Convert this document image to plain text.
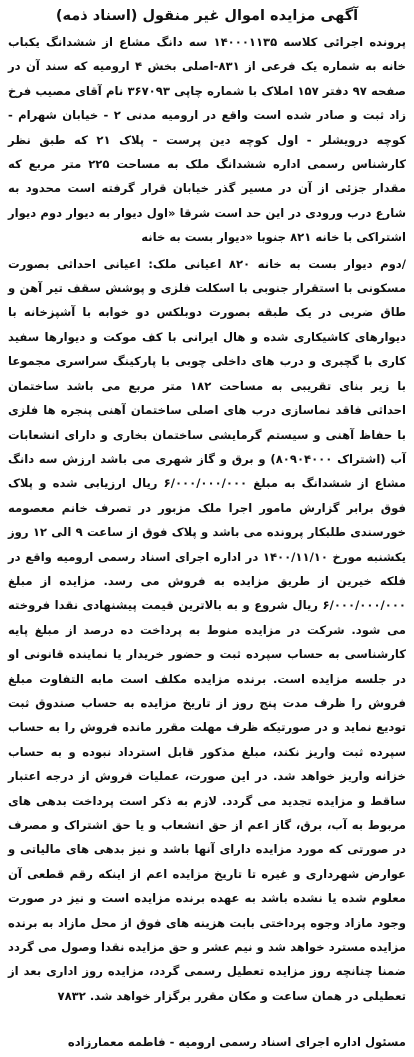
آگهی مزایده اموال غیر منقول (اسناد ذمه)

پرونده اجرائی کلاسه ۱۴۰۰۰۱۱۳۵ سه دانگ مشاع از ششدانگ یکباب خانه به شماره یک فرعی از ۸۳۱-اصلی بخش ۴ ارومیه که سند آن در صفحه ۹۷ دفتر ۱۵۷ املاک با شماره چاپی ۳۶۷۰۹۳ نام آقای مصیب فرخ زاد ثبت و صادر شده است واقع در ارومیه مدنی ۲ - خیابان شهرام - کوچه درویشلر - اول کوچه دین پرست - پلاک ۲۱ که طبق نظر کارشناس رسمی اداره ششدانگ ملک به مساحت ۲۲۵ متر مربع که مقدار جزئی از آن در مسیر گذر خیابان قرار گرفته است محدود به شارع درب ورودی در این حد است شرقا «اول دیوار به دیوار دوم دیوار اشتراکی با خانه ۸۲۱ جنوبا «دیوار بست به خانه

/دوم دیوار بست به خانه ۸۲۰ اعیانی ملک: اعیانی احداثی بصورت مسکونی با استقرار جنوبی با اسکلت فلزی و پوشش سقف تیر آهن و طاق ضربی در یک طبقه بصورت دوبلکس دو خوابه با آشپزخانه با دیوارهای کاشیکاری شده و هال ایرانی با کف موکت و دیوارها سفید کاری با گچبری و درب های داخلی چوبی با پارکینگ سراسری مجموعا با زیر بنای تقریبی به مساحت ۱۸۲ متر مربع می باشد ساختمان احداثی فاقد نماسازی درب های اصلی ساختمان آهنی پنجره ها فلزی با حفاظ آهنی و سیستم گرمایشی ساختمان بخاری و دارای انشعابات آب (اشتراک ۸۰۹۰۴۰۰۰) و برق و گاز شهری می باشد ارزش سه دانگ مشاع از ششدانگ به مبلغ ۶/۰۰۰/۰۰۰/۰۰۰ ریال ارزیابی شده و پلاک فوق برابر گزارش مامور اجرا ملک مزبور در تصرف خانم معصومه خورسندی طلبکار پرونده می باشد و پلاک فوق از ساعت ۹ الی ۱۲ روز یکشنبه مورخ ۱۴۰۰/۱۱/۱۰ در اداره اجرای اسناد رسمی ارومیه واقع در فلکه خیرین از طریق مزایده به فروش می رسد. مزایده از مبلغ ۶/۰۰۰/۰۰۰/۰۰۰ ریال شروع و به بالاترین قیمت پیشنهادی نقدا فروخته می شود. شرکت در مزایده منوط به پرداخت ده درصد از مبلغ پایه کارشناسی به حساب سپرده ثبت و حضور خریدار یا نماینده قانونی او در جلسه مزایده است. برنده مزایده مکلف است مابه التفاوت مبلغ فروش را ظرف مدت پنج روز از تاریخ مزایده به حساب صندوق ثبت تودیع نماید و در صورتیکه ظرف مهلت مقرر مانده فروش را به حساب سپرده ثبت واریز نکند، مبلغ مذکور قابل استرداد نبوده و به حساب خزانه واریز خواهد شد. در این صورت، عملیات فروش از درجه اعتبار ساقط و مزایده تجدید می گردد. لازم به ذکر است پرداخت بدهی های مربوط به آب، برق، گاز اعم از حق انشعاب و یا حق اشتراک و مصرف در صورتی که مورد مزایده دارای آنها باشد و نیز بدهی های مالیاتی و عوارض شهرداری و غیره تا تاریخ مزایده اعم از اینکه رقم قطعی آن معلوم شده یا نشده باشد به عهده برنده مزایده است و نیز در صورت وجود مازاد وجوه پرداختی بابت هزینه های فوق از محل مازاد به برنده مزایده مسترد خواهد شد و نیم عشر و حق مزایده نقدا وصول می گردد ضمنا چنانچه روز مزایده تعطیل رسمی گردد، مزایده روز اداری بعد از تعطیلی در همان ساعت و مکان مقرر برگزار خواهد شد. ۷۸۳۲

مسئول اداره اجرای اسناد رسمی ارومیه - فاطمه معمارزاده
